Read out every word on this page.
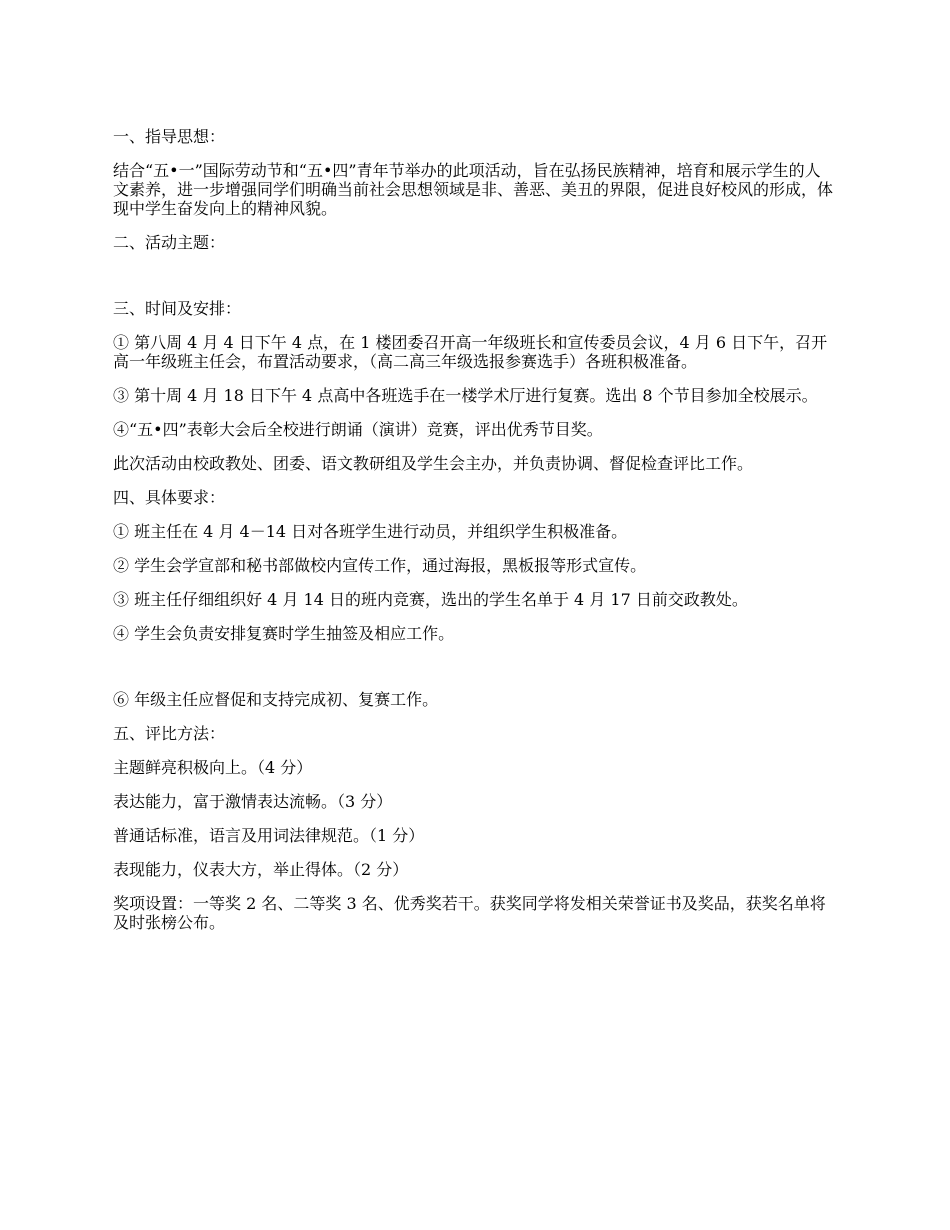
一、指导思想：

结合“五•一”国际劳动节和“五•四”青年节举办的此项活动，旨在弘扬民族精神，培育和展示学生的人文素养，进一步增强同学们明确当前社会思想领域是非、善恶、美丑的界限，促进良好校风的形成，体现中学生奋发向上的精神风貌。

二、活动主题：

三、时间及安排：

① 第八周 4 月 4 日下午 4 点，在 1 楼团委召开高一年级班长和宣传委员会议，4 月 6 日下午，召开高一年级班主任会，布置活动要求，（高二高三年级选报参赛选手）各班积极准备。

③ 第十周 4 月 18 日下午 4 点高中各班选手在一楼学术厅进行复赛。选出 8 个节目参加全校展示。

④“五•四”表彰大会后全校进行朗诵（演讲）竞赛，评出优秀节目奖。

此次活动由校政教处、团委、语文教研组及学生会主办，并负责协调、督促检查评比工作。

四、具体要求：

① 班主任在 4 月 4－14 日对各班学生进行动员，并组织学生积极准备。

② 学生会学宣部和秘书部做校内宣传工作，通过海报，黑板报等形式宣传。

③ 班主任仔细组织好 4 月 14 日的班内竞赛，选出的学生名单于 4 月 17 日前交政教处。

④ 学生会负责安排复赛时学生抽签及相应工作。

⑥ 年级主任应督促和支持完成初、复赛工作。

五、评比方法：

主题鲜亮积极向上。（4 分）

表达能力，富于激情表达流畅。（3 分）

普通话标准，语言及用词法律规范。（1 分）

表现能力，仪表大方，举止得体。（2 分）

奖项设置：一等奖 2 名、二等奖 3 名、优秀奖若干。获奖同学将发相关荣誉证书及奖品，获奖名单将及时张榜公布。
